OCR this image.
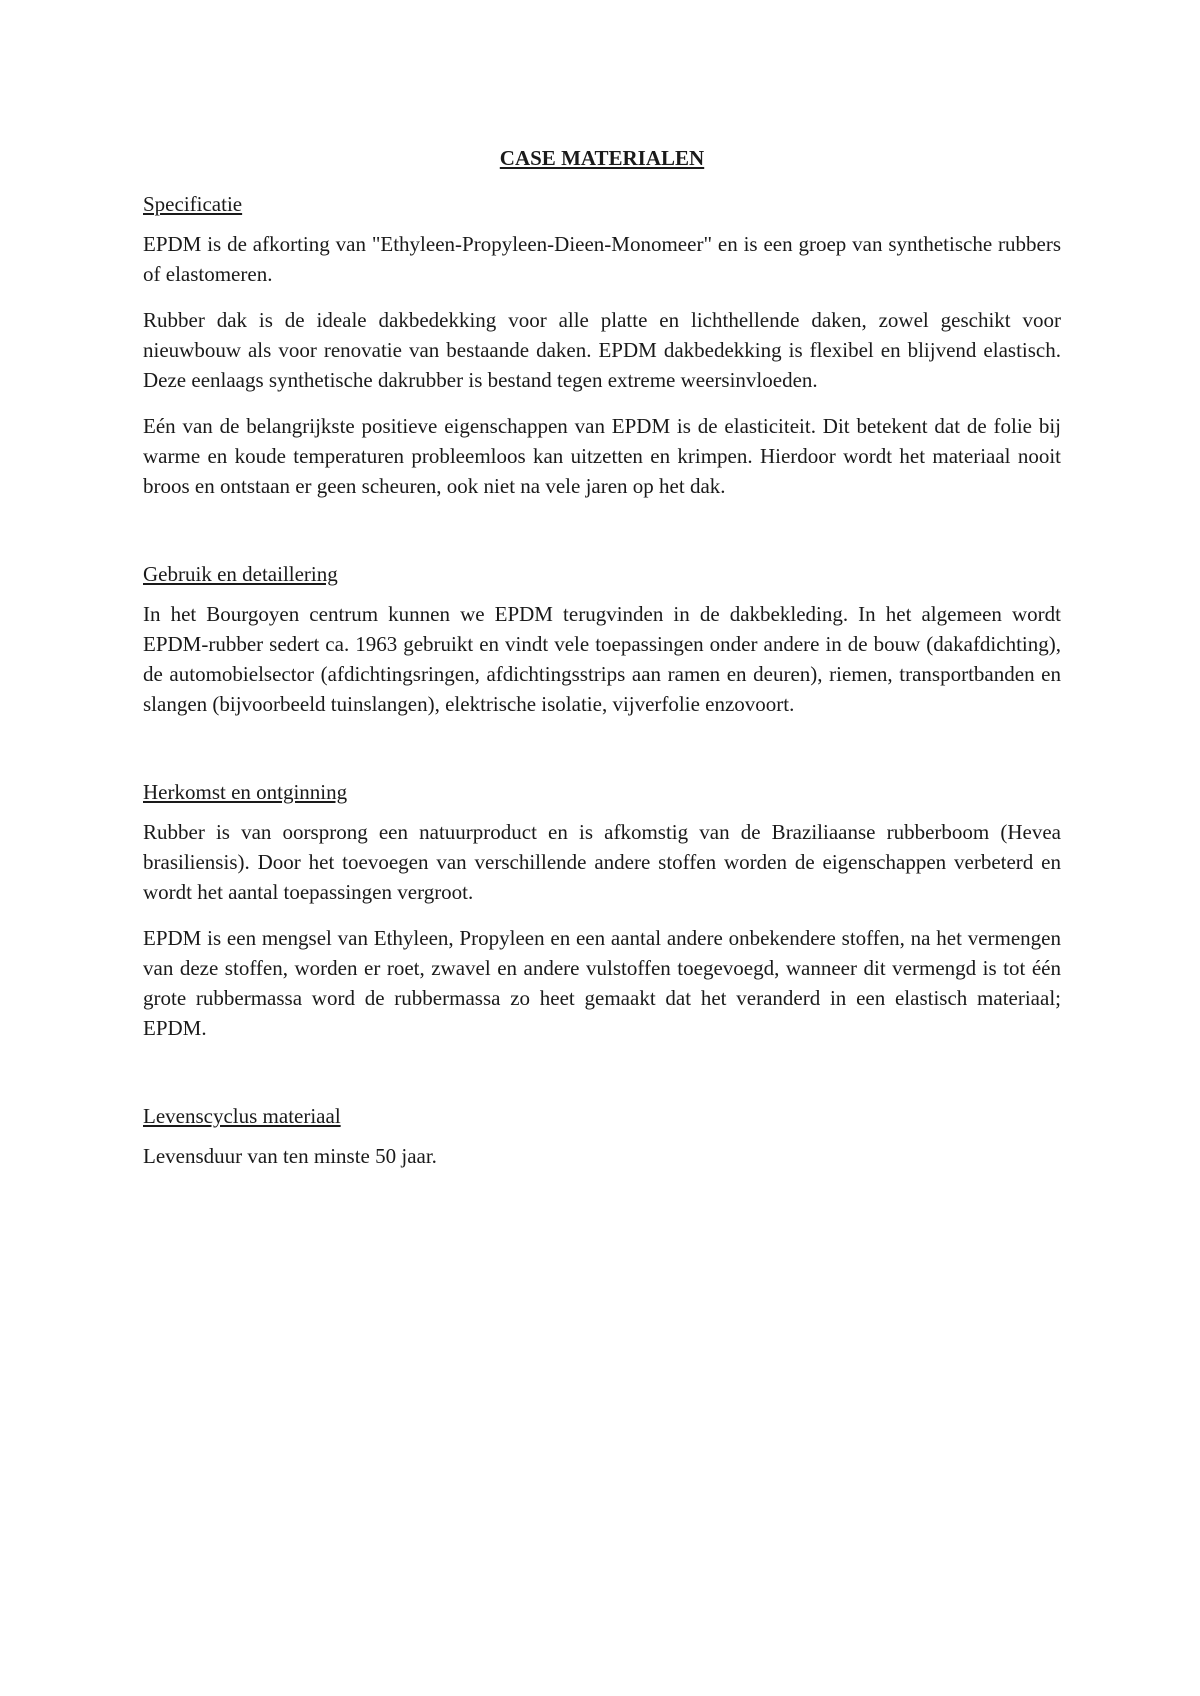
CASE MATERIALEN
Specificatie

EPDM is de afkorting van "Ethyleen-Propyleen-Dieen-Monomeer" en is een groep van synthetische rubbers of elastomeren.

Rubber dak is de ideale dakbedekking voor alle platte en lichthellende daken, zowel geschikt voor nieuwbouw als voor renovatie van bestaande daken. EPDM dakbedekking is flexibel en blijvend elastisch. Deze eenlaags synthetische dakrubber is bestand tegen extreme weersinvloeden.

Eén van de belangrijkste positieve eigenschappen van EPDM is de elasticiteit. Dit betekent dat de folie bij warme en koude temperaturen probleemloos kan uitzetten en krimpen. Hierdoor wordt het materiaal nooit broos en ontstaan er geen scheuren, ook niet na vele jaren op het dak.

Gebruik en detaillering

In het Bourgoyen centrum kunnen we EPDM terugvinden in de dakbekleding. In het algemeen wordt EPDM-rubber sedert ca. 1963 gebruikt en vindt vele toepassingen onder andere in de bouw (dakafdichting), de automobielsector (afdichtingsringen, afdichtingsstrips aan ramen en deuren), riemen, transportbanden en slangen (bijvoorbeeld tuinslangen), elektrische isolatie, vijverfolie enzovoort.

Herkomst en ontginning

Rubber is van oorsprong een natuurproduct en is afkomstig van de Braziliaanse rubberboom (Hevea brasiliensis). Door het toevoegen van verschillende andere stoffen worden de eigenschappen verbeterd en wordt het aantal toepassingen vergroot.

EPDM is een mengsel van Ethyleen, Propyleen en een aantal andere onbekendere stoffen, na het vermengen van deze stoffen, worden er roet, zwavel en andere vulstoffen toegevoegd, wanneer dit vermengd is tot één grote rubbermassa word de rubbermassa zo heet gemaakt dat het veranderd in een elastisch materiaal; EPDM.

Levenscyclus materiaal

Levensduur van ten minste 50 jaar.
